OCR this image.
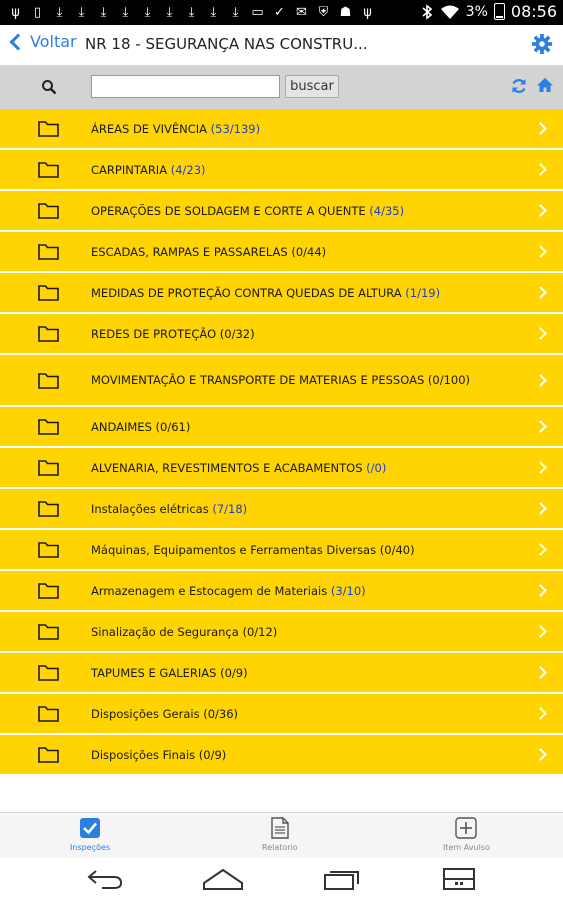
ψ	▯	⤓	⤓	⤓	⤓	⤓	⤓	⤓	⤓	⤓ ▭ ✓ ✉ ⛨ ☗ ψ	3% 08:56
Voltar NR 18 - SEGURANÇA NAS CONSTRU...
buscar
ÁREAS DE VIVÊNCIA (53/139)
CARPINTARIA (4/23)
OPERAÇÕES DE SOLDAGEM E CORTE A QUENTE (4/35)
ESCADAS, RAMPAS E PASSARELAS (0/44)
MEDIDAS DE PROTEÇÃO CONTRA QUEDAS DE ALTURA (1/19)
REDES DE PROTEÇÃO (0/32)
MOVIMENTAÇÃO E TRANSPORTE DE MATERIAS E PESSOAS (0/100)
ANDAIMES (0/61)
ALVENARIA, REVESTIMENTOS E ACABAMENTOS (/0)
Instalações elétricas (7/18)
Máquinas, Equipamentos e Ferramentas Diversas (0/40)
Armazenagem e Estocagem de Materiais (3/10)
Sinalização de Segurança (0/12)
TAPUMES E GALERIAS (0/9)
Disposições Gerais (0/36)
Disposições Finais (0/9)
Inspeções	Relatorio	Item Avulso
